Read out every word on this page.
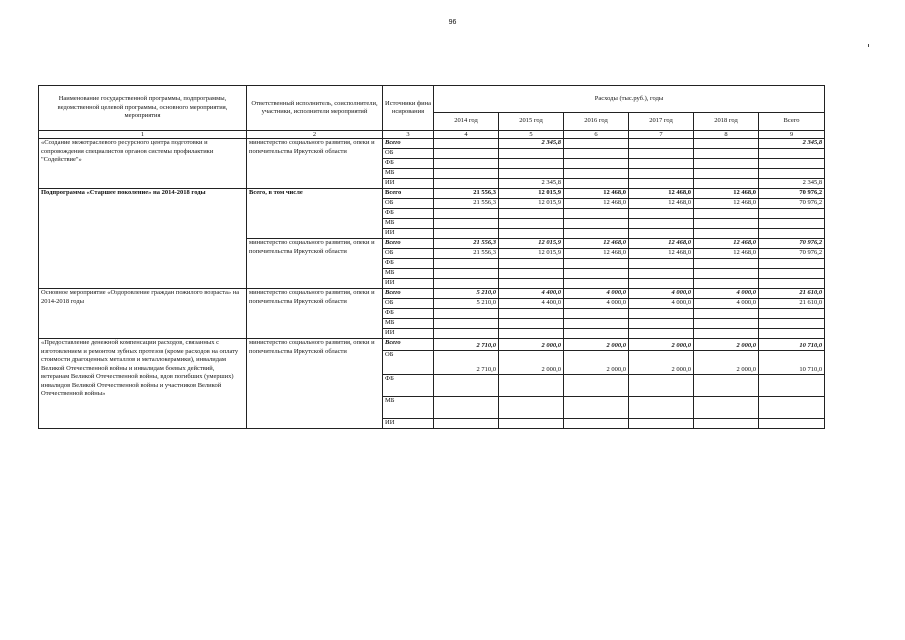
96
Наименование государственной программы, подпрограммы, ведомственной целевой программы, основного мероприятия, мероприятия	Ответственный исполнитель, соисполнители, участники, исполнители мероприятий	Источники финансирования	Расходы (тыс.руб.), годы					
			2014 год	2015 год	2016 год	2017 год	2018 год	Всего
1	2	3	4	5	6	7	8	9
«Создание межотраслевого ресурсного центра подготовки и сопровождения специалистов органов системы профилактики "Содействие"»	министерство социального развития, опеки и попечительства Иркутской области	Всего		2 345,8				2 345,8
		ОБ						
		ФБ						
		МБ						
		ИИ		2 345,8				2 345,8
Подпрограмма «Старшее поколение» на 2014-2018 годы	Всего, в том числе	Всего	21 556,3	12 015,9	12 468,0	12 468,0	12 468,0	70 976,2
		ОБ	21 556,3	12 015,9	12 468,0	12 468,0	12 468,0	70 976,2
		ФБ						
		МБ						
		ИИ						
	министерство социального развития, опеки и попечительства Иркутской области	Всего	21 556,3	12 015,9	12 468,0	12 468,0	12 468,0	70 976,2
		ОБ	21 556,3	12 015,9	12 468,0	12 468,0	12 468,0	70 976,2
		ФБ						
		МБ						
		ИИ						
Основное мероприятие «Оздоровление граждан пожилого возраста» на 2014-2018 годы	министерство социального развития, опеки и попечительства Иркутской области	Всего	5 210,0	4 400,0	4 000,0	4 000,0	4 000,0	21 610,0
		ОБ	5 210,0	4 400,0	4 000,0	4 000,0	4 000,0	21 610,0
		ФБ						
		МБ						
		ИИ						
«Предоставление денежной компенсации расходов, связанных с изготовлением и ремонтом зубных протезов (кроме расходов на оплату стоимости драгоценных металлов и металлокерамики), инвалидам Великой Отечественной войны и инвалидам боевых действий, ветеранам Великой Отечественной войны, вдов погибших (умерших) инвалидов Великой Отечественной войны и участников Великой Отечественной войны»	министерство социального развития, опеки и попечительства Иркутской области	Всего	2 710,0	2 000,0	2 000,0	2 000,0	2 000,0	10 710,0
		ОБ	2 710,0	2 000,0	2 000,0	2 000,0	2 000,0	10 710,0
		ФБ						
		МБ						
		ИИ						
